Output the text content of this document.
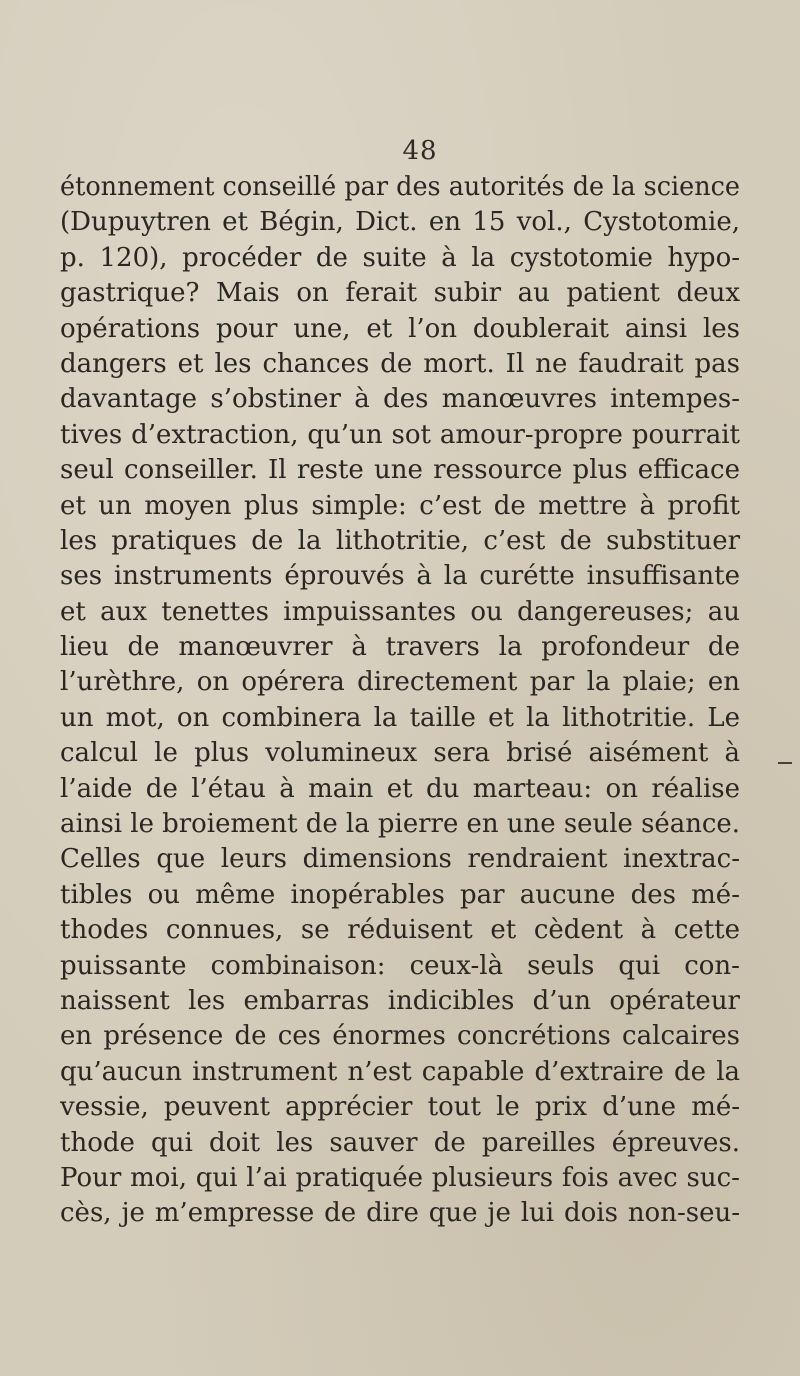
48
étonnement conseillé par des autorités de la science
(Dupuytren et Bégin, Dict. en 15 vol., Cystotomie,
p. 120), procéder de suite à la cystotomie hypo-
gastrique? Mais on ferait subir au patient deux
opérations pour une, et l’on doublerait ainsi les
dangers et les chances de mort. Il ne faudrait pas
davantage s’obstiner à des manœuvres intempes-
tives d’extraction, qu’un sot amour-propre pourrait
seul conseiller. Il reste une ressource plus efficace
et un moyen plus simple: c’est de mettre à profit
les pratiques de la lithotritie, c’est de substituer
ses instruments éprouvés à la curétte insuffisante
et aux tenettes impuissantes ou dangereuses; au
lieu de manœuvrer à travers la profondeur de
l’urèthre, on opérera directement par la plaie; en
un mot, on combinera la taille et la lithotritie. Le
calcul le plus volumineux sera brisé aisément à
l’aide de l’étau à main et du marteau: on réalise
ainsi le broiement de la pierre en une seule séance.
Celles que leurs dimensions rendraient inextrac-
tibles ou même inopérables par aucune des mé-
thodes connues, se réduisent et cèdent à cette
puissante combinaison: ceux-là seuls qui con-
naissent les embarras indicibles d’un opérateur
en présence de ces énormes concrétions calcaires
qu’aucun instrument n’est capable d’extraire de la
vessie, peuvent apprécier tout le prix d’une mé-
thode qui doit les sauver de pareilles épreuves.
Pour moi, qui l’ai pratiquée plusieurs fois avec suc-
cès, je m’empresse de dire que je lui dois non-seu-
